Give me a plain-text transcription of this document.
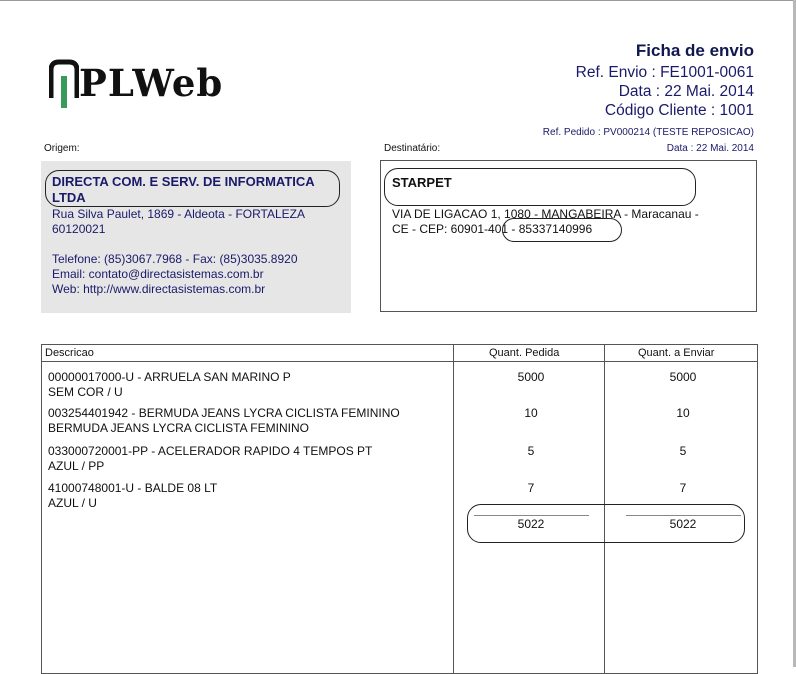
PLWeb
Ficha de envio
Ref. Envio : FE1001-0061
Data : 22 Mai. 2014
Código Cliente : 1001
Ref. Pedido : PV000214 (TESTE REPOSICAO)
Data : 22 Mai. 2014
Origem:	Destinatário:
DIRECTA COM. E SERV. DE INFORMATICA LTDA
Rua Silva Paulet, 1869 - Aldeota - FORTALEZA
60120021
Telefone: (85)3067.7968 - Fax: (85)3035.8920
Email: contato@directasistemas.com.br
Web: http://www.directasistemas.com.br
STARPET
VIA DE LIGACAO 1, 1080 - MANGABEIRA - Maracanau -
CE - CEP: 60901-401 - 85337140996
Descricao	Quant. Pedida	Quant. a Enviar
00000017000-U - ARRUELA SAN MARINO P
SEM COR / U
5000	5000
003254401942 - BERMUDA JEANS LYCRA CICLISTA FEMININO
BERMUDA JEANS LYCRA CICLISTA FEMININO
10	10
033000720001-PP - ACELERADOR RAPIDO 4 TEMPOS PT
AZUL / PP
5	5
41000748001-U - BALDE 08 LT
AZUL / U
7	7
5022	5022
